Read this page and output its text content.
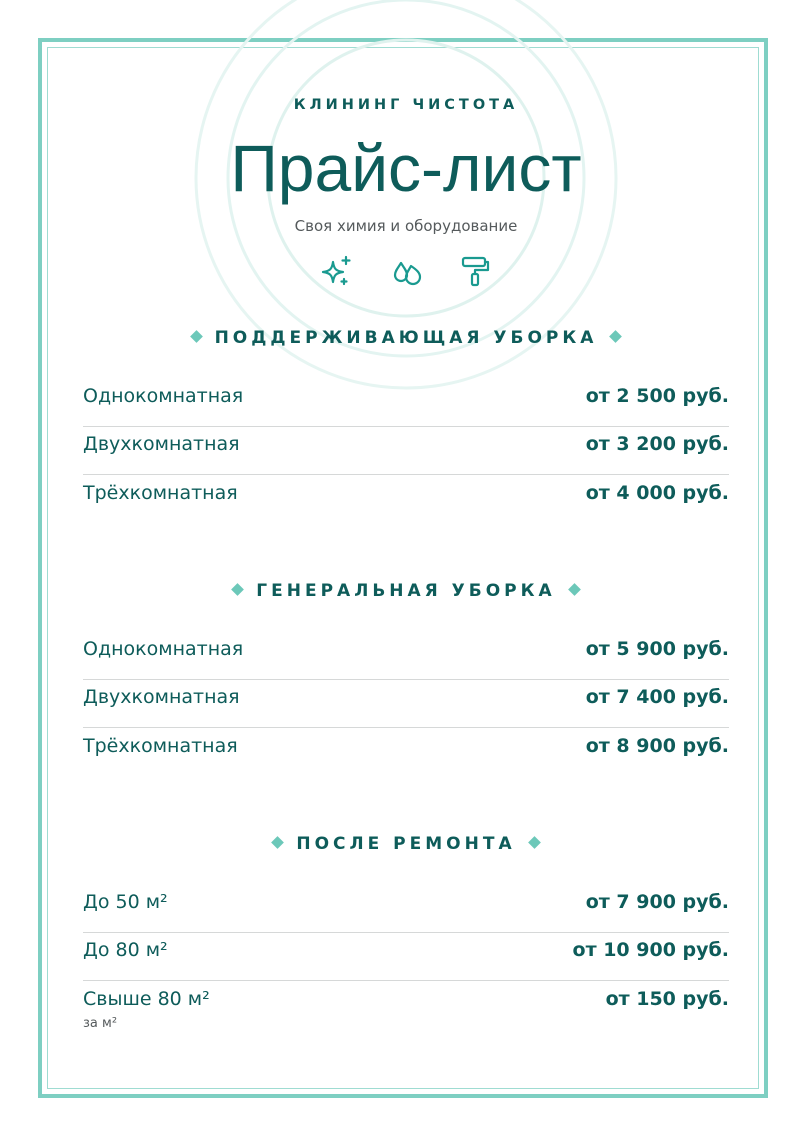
КЛИНИНГ ЧИСТОТА
Прайс-лист
Своя химия и оборудование
ПОДДЕРЖИВАЮЩАЯ УБОРКА
Однокомнатная	от 2 500 руб.
Двухкомнатная	от 3 200 руб.
Трёхкомнатная	от 4 000 руб.
ГЕНЕРАЛЬНАЯ УБОРКА
Однокомнатная	от 5 900 руб.
Двухкомнатная	от 7 400 руб.
Трёхкомнатная	от 8 900 руб.
ПОСЛЕ РЕМОНТА
До 50 м²	от 7 900 руб.
До 80 м²	от 10 900 руб.
Свыше 80 м²	от 150 руб.
за м²
